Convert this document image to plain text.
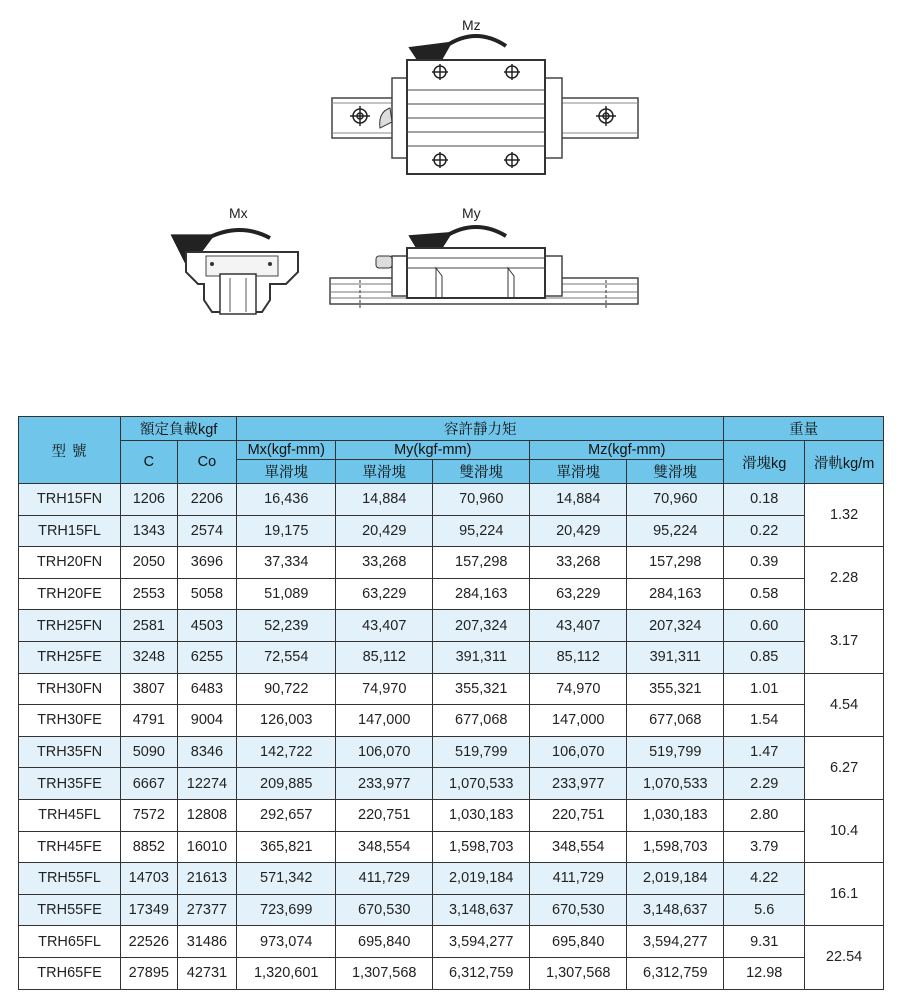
Mz
Mx	My
型 號	額定負載kgf		容許靜力矩					重量	
	C	Co	Mx(kgf-mm)	My(kgf-mm)		Mz(kgf-mm)		滑塊kg	滑軌kg/m
			單滑塊	單滑塊	雙滑塊	單滑塊	雙滑塊		
TRH15FN	1206	2206	16,436	14,884	70,960	14,884	70,960	0.18	1.32
TRH15FL	1343	2574	19,175	20,429	95,224	20,429	95,224	0.22	
TRH20FN	2050	3696	37,334	33,268	157,298	33,268	157,298	0.39	2.28
TRH20FE	2553	5058	51,089	63,229	284,163	63,229	284,163	0.58	
TRH25FN	2581	4503	52,239	43,407	207,324	43,407	207,324	0.60	3.17
TRH25FE	3248	6255	72,554	85,112	391,311	85,112	391,311	0.85	
TRH30FN	3807	6483	90,722	74,970	355,321	74,970	355,321	1.01	4.54
TRH30FE	4791	9004	126,003	147,000	677,068	147,000	677,068	1.54	
TRH35FN	5090	8346	142,722	106,070	519,799	106,070	519,799	1.47	6.27
TRH35FE	6667	12274	209,885	233,977	1,070,533	233,977	1,070,533	2.29	
TRH45FL	7572	12808	292,657	220,751	1,030,183	220,751	1,030,183	2.80	10.4
TRH45FE	8852	16010	365,821	348,554	1,598,703	348,554	1,598,703	3.79	
TRH55FL	14703	21613	571,342	411,729	2,019,184	411,729	2,019,184	4.22	16.1
TRH55FE	17349	27377	723,699	670,530	3,148,637	670,530	3,148,637	5.6	
TRH65FL	22526	31486	973,074	695,840	3,594,277	695,840	3,594,277	9.31	22.54
TRH65FE	27895	42731	1,320,601	1,307,568	6,312,759	1,307,568	6,312,759	12.98	
